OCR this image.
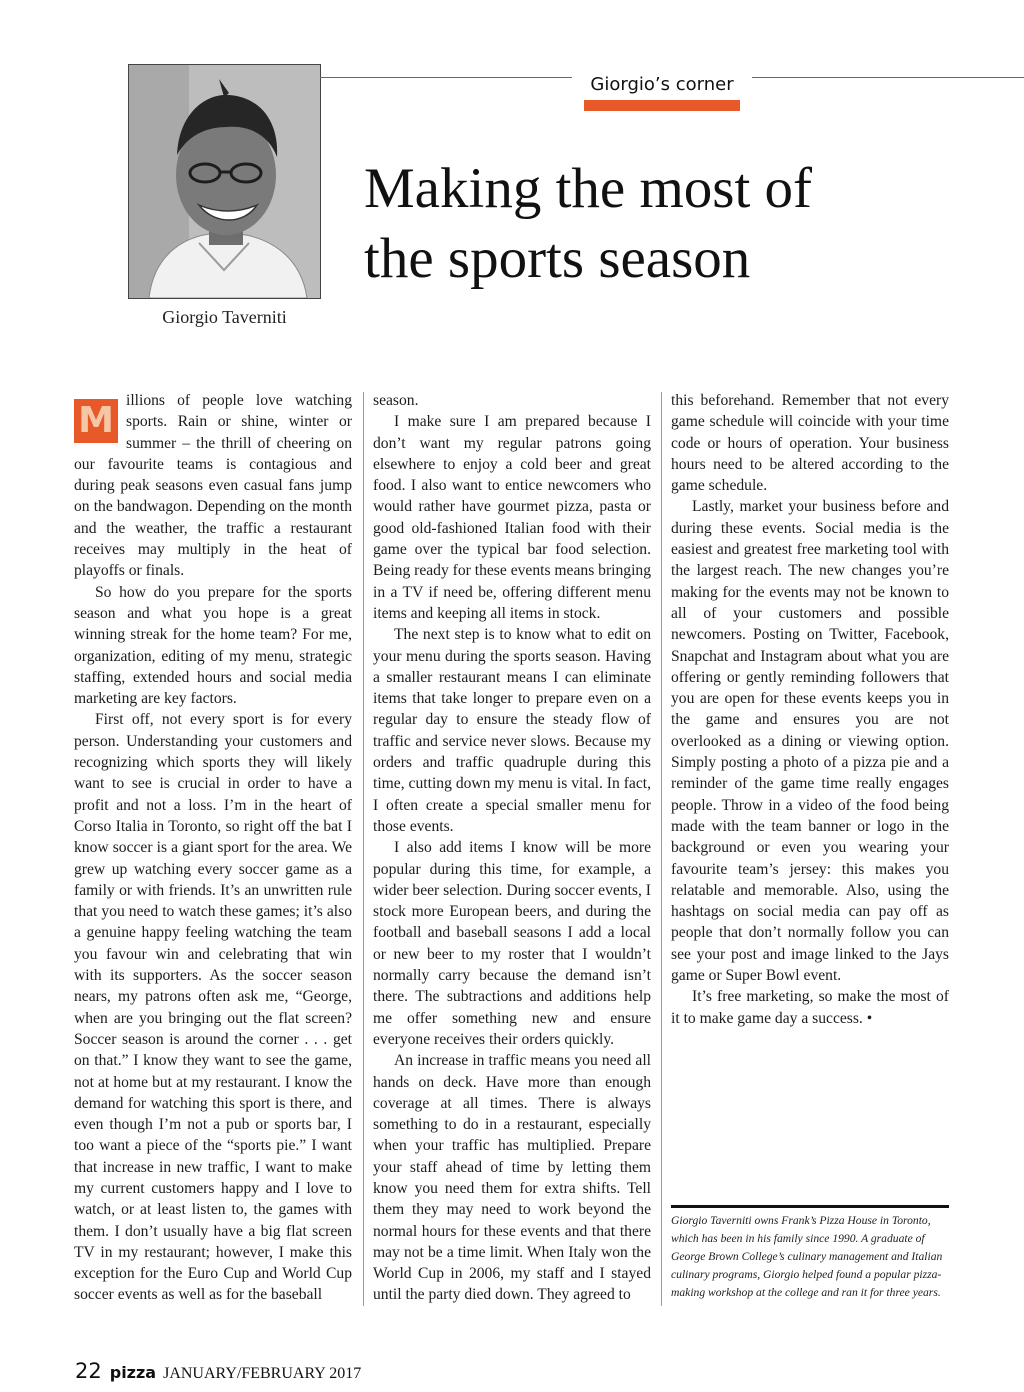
Giorgio Taverniti
Giorgio’s corner
Making the most of
the sports season

M illions of people love watching sports. Rain or shine, winter or summer – the thrill of cheering on our favourite teams is contagious and during peak seasons even casual fans jump on the bandwagon. Depending on the month and the weather, the traffic a restaurant receives may multiply in the heat of playoffs or finals.

So how do you prepare for the sports season and what you hope is a great winning streak for the home team? For me, organization, editing of my menu, strategic staffing, extended hours and social media marketing are key factors.

First off, not every sport is for every person. Understanding your customers and recognizing which sports they will likely want to see is crucial in order to have a profit and not a loss. I’m in the heart of Corso Italia in Toronto, so right off the bat I know soccer is a giant sport for the area. We grew up watching every soccer game as a family or with friends. It’s an unwritten rule that you need to watch these games; it’s also a genuine happy feeling watching the team you favour win and celebrating that win with its supporters. As the soccer season nears, my patrons often ask me, “George, when are you bringing out the flat screen? Soccer season is around the corner . . . get on that.” I know they want to see the game, not at home but at my restaurant. I know the demand for watching this sport is there, and even though I’m not a pub or sports bar, I too want a piece of the “sports pie.” I want that increase in new traffic, I want to make my current customers happy and I love to watch, or at least listen to, the games with them. I don’t usually have a big flat screen TV in my restaurant; however, I make this exception for the Euro Cup and World Cup soccer events as well as for the baseball

season.

I make sure I am prepared because I don’t want my regular patrons going elsewhere to enjoy a cold beer and great food. I also want to entice newcomers who would rather have gourmet pizza, pasta or good old-fashioned Italian food with their game over the typical bar food selection. Being ready for these events means bringing in a TV if need be, offering different menu items and keeping all items in stock.

The next step is to know what to edit on your menu during the sports season. Having a smaller restaurant means I can eliminate items that take longer to prepare even on a regular day to ensure the steady flow of traffic and service never slows. Because my orders and traffic quadruple during this time, cutting down my menu is vital. In fact, I often create a special smaller menu for those events.

I also add items I know will be more popular during this time, for example, a wider beer selection. During soccer events, I stock more European beers, and during the football and baseball seasons I add a local or new beer to my roster that I wouldn’t normally carry because the demand isn’t there. The subtractions and additions help me offer something new and ensure everyone receives their orders quickly.

An increase in traffic means you need all hands on deck. Have more than enough coverage at all times. There is always something to do in a restaurant, especially when your traffic has multiplied. Prepare your staff ahead of time by letting them know you need them for extra shifts. Tell them they may need to work beyond the normal hours for these events and that there may not be a time limit. When Italy won the World Cup in 2006, my staff and I stayed until the party died down. They agreed to

this beforehand. Remember that not every game schedule will coincide with your time code or hours of operation. Your business hours need to be altered according to the game schedule.

Lastly, market your business before and during these events. Social media is the easiest and greatest free marketing tool with the largest reach. The new changes you’re making for the events may not be known to all of your customers and possible newcomers. Posting on Twitter, Facebook, Snapchat and Instagram about what you are offering or gently reminding followers that you are open for these events keeps you in the game and ensures you are not overlooked as a dining or viewing option. Simply posting a photo of a pizza pie and a reminder of the game time really engages people. Throw in a video of the food being made with the team banner or logo in the background or even you wearing your favourite team’s jersey: this makes you relatable and memorable. Also, using the hashtags on social media can pay off as people that don’t normally follow you can see your post and image linked to the Jays game or Super Bowl event.

It’s free marketing, so make the most of it to make game day a success. •

Giorgio Taverniti owns Frank’s Pizza House in Toronto, which has been in his family since 1990. A graduate of George Brown College’s culinary management and Italian culinary programs, Giorgio helped found a popular pizza-making workshop at the college and ran it for three years.

22 pizza JANUARY/FEBRUARY 2017
